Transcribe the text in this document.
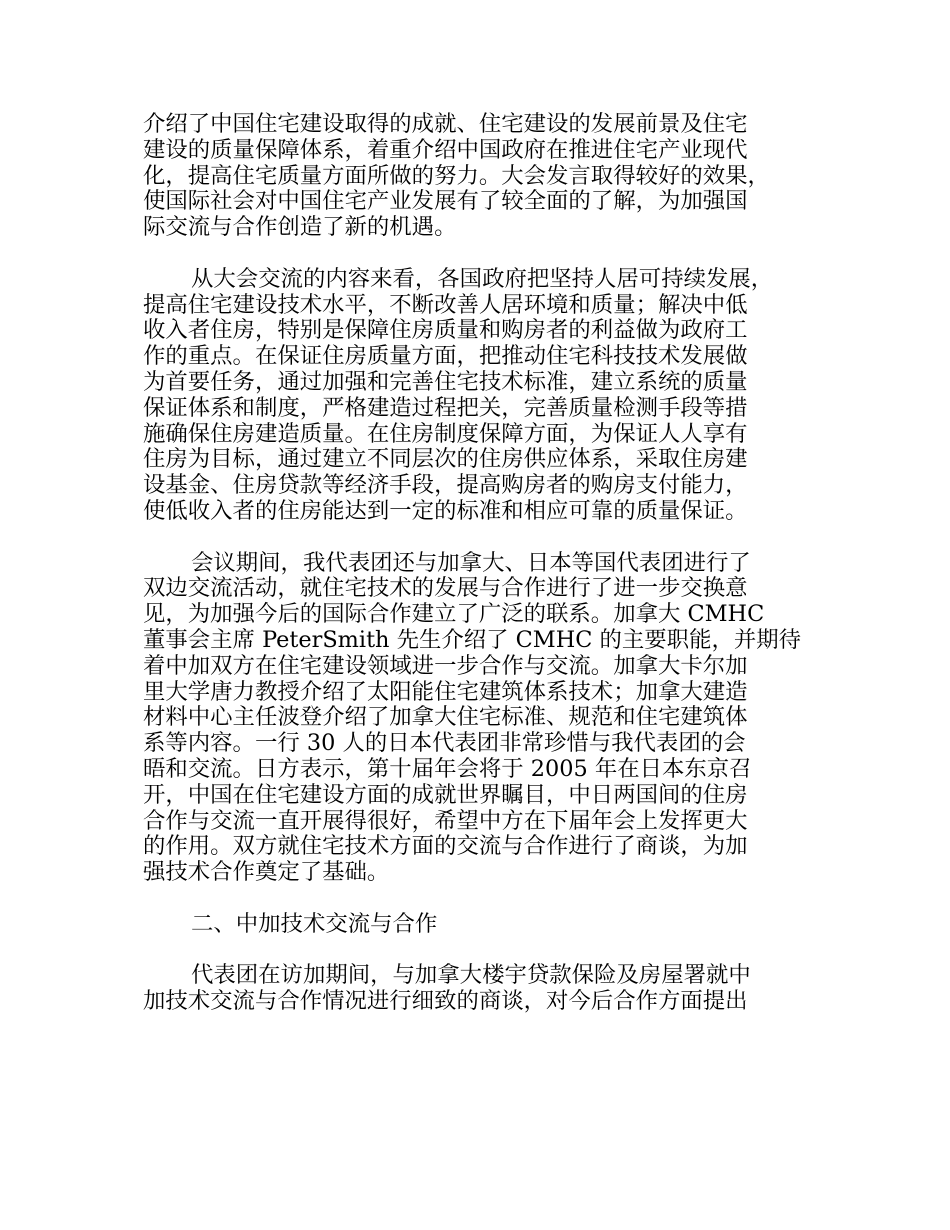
介绍了中国住宅建设取得的成就、住宅建设的发展前景及住宅
建设的质量保障体系，着重介绍中国政府在推进住宅产业现代
化，提高住宅质量方面所做的努力。大会发言取得较好的效果，
使国际社会对中国住宅产业发展有了较全面的了解，为加强国
际交流与合作创造了新的机遇。
从大会交流的内容来看，各国政府把坚持人居可持续发展，
提高住宅建设技术水平，不断改善人居环境和质量；解决中低
收入者住房，特别是保障住房质量和购房者的利益做为政府工
作的重点。在保证住房质量方面，把推动住宅科技技术发展做
为首要任务，通过加强和完善住宅技术标准，建立系统的质量
保证体系和制度，严格建造过程把关，完善质量检测手段等措
施确保住房建造质量。在住房制度保障方面，为保证人人享有
住房为目标，通过建立不同层次的住房供应体系，采取住房建
设基金、住房贷款等经济手段，提高购房者的购房支付能力，
使低收入者的住房能达到一定的标准和相应可靠的质量保证。
会议期间，我代表团还与加拿大、日本等国代表团进行了
双边交流活动，就住宅技术的发展与合作进行了进一步交换意
见，为加强今后的国际合作建立了广泛的联系。加拿大 CMHC
董事会主席 PeterSmith 先生介绍了 CMHC 的主要职能，并期待
着中加双方在住宅建设领域进一步合作与交流。加拿大卡尔加
里大学唐力教授介绍了太阳能住宅建筑体系技术；加拿大建造
材料中心主任波登介绍了加拿大住宅标准、规范和住宅建筑体
系等内容。一行 30 人的日本代表团非常珍惜与我代表团的会
晤和交流。日方表示，第十届年会将于 2005 年在日本东京召
开，中国在住宅建设方面的成就世界瞩目，中日两国间的住房
合作与交流一直开展得很好，希望中方在下届年会上发挥更大
的作用。双方就住宅技术方面的交流与合作进行了商谈，为加
强技术合作奠定了基础。
二、中加技术交流与合作
代表团在访加期间，与加拿大楼宇贷款保险及房屋署就中
加技术交流与合作情况进行细致的商谈，对今后合作方面提出
